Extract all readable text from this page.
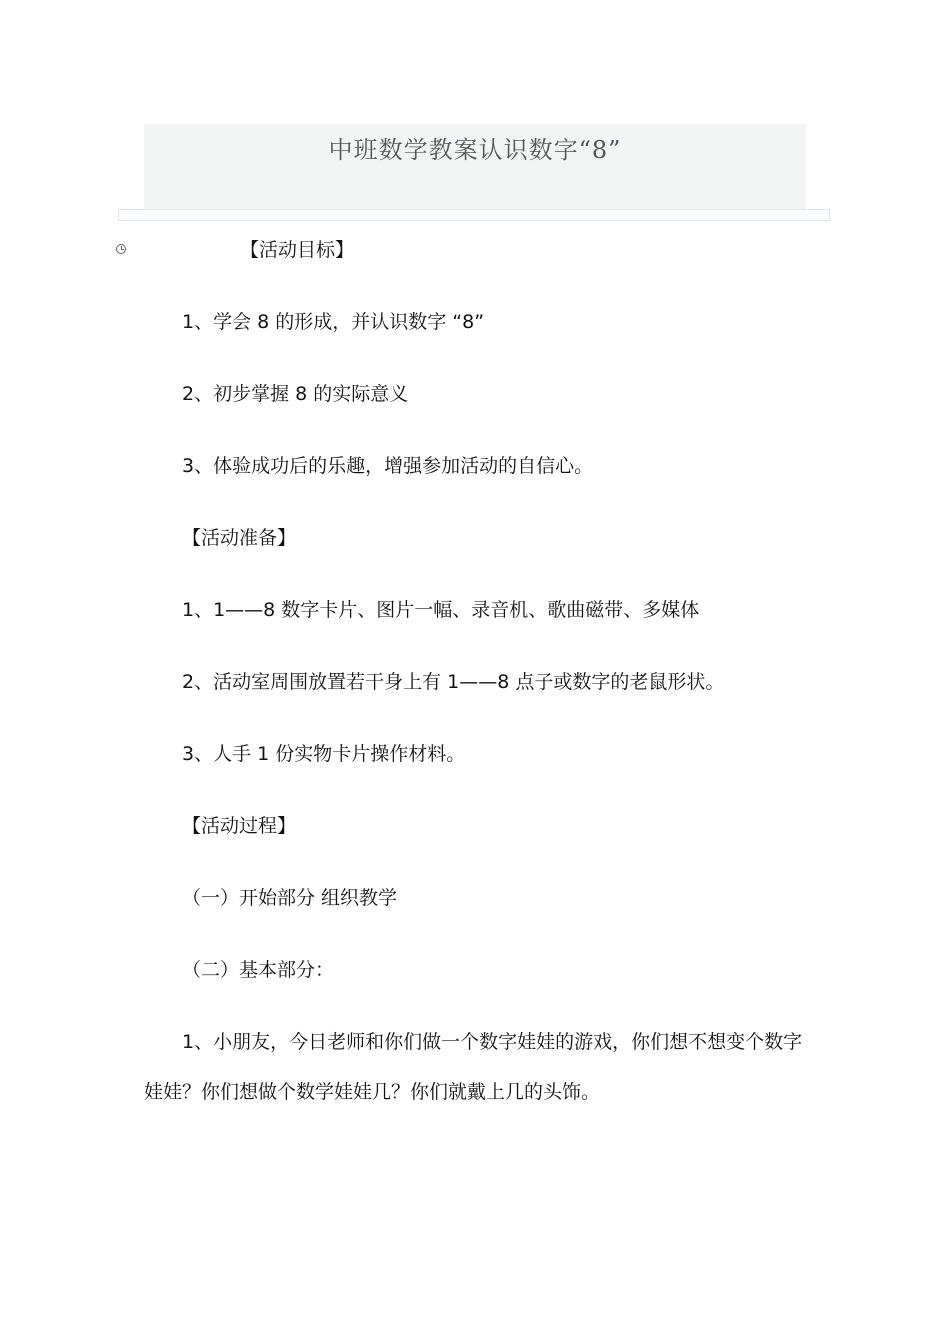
中班数学教案认识数字“8”
【活动目标】
1、学会 8 的形成，并认识数字 “8”
2、初步掌握 8 的实际意义
3、体验成功后的乐趣，增强参加活动的自信心。
【活动准备】
1、1——8 数字卡片、图片一幅、录音机、歌曲磁带、多媒体
2、活动室周围放置若干身上有 1——8 点子或数字的老鼠形状。
3、人手 1 份实物卡片操作材料。
【活动过程】
（一）开始部分 组织教学
（二）基本部分：
1、小朋友，今日老师和你们做一个数字娃娃的游戏，你们想不想变个数字
娃娃？你们想做个数学娃娃几？你们就戴上几的头饰。
